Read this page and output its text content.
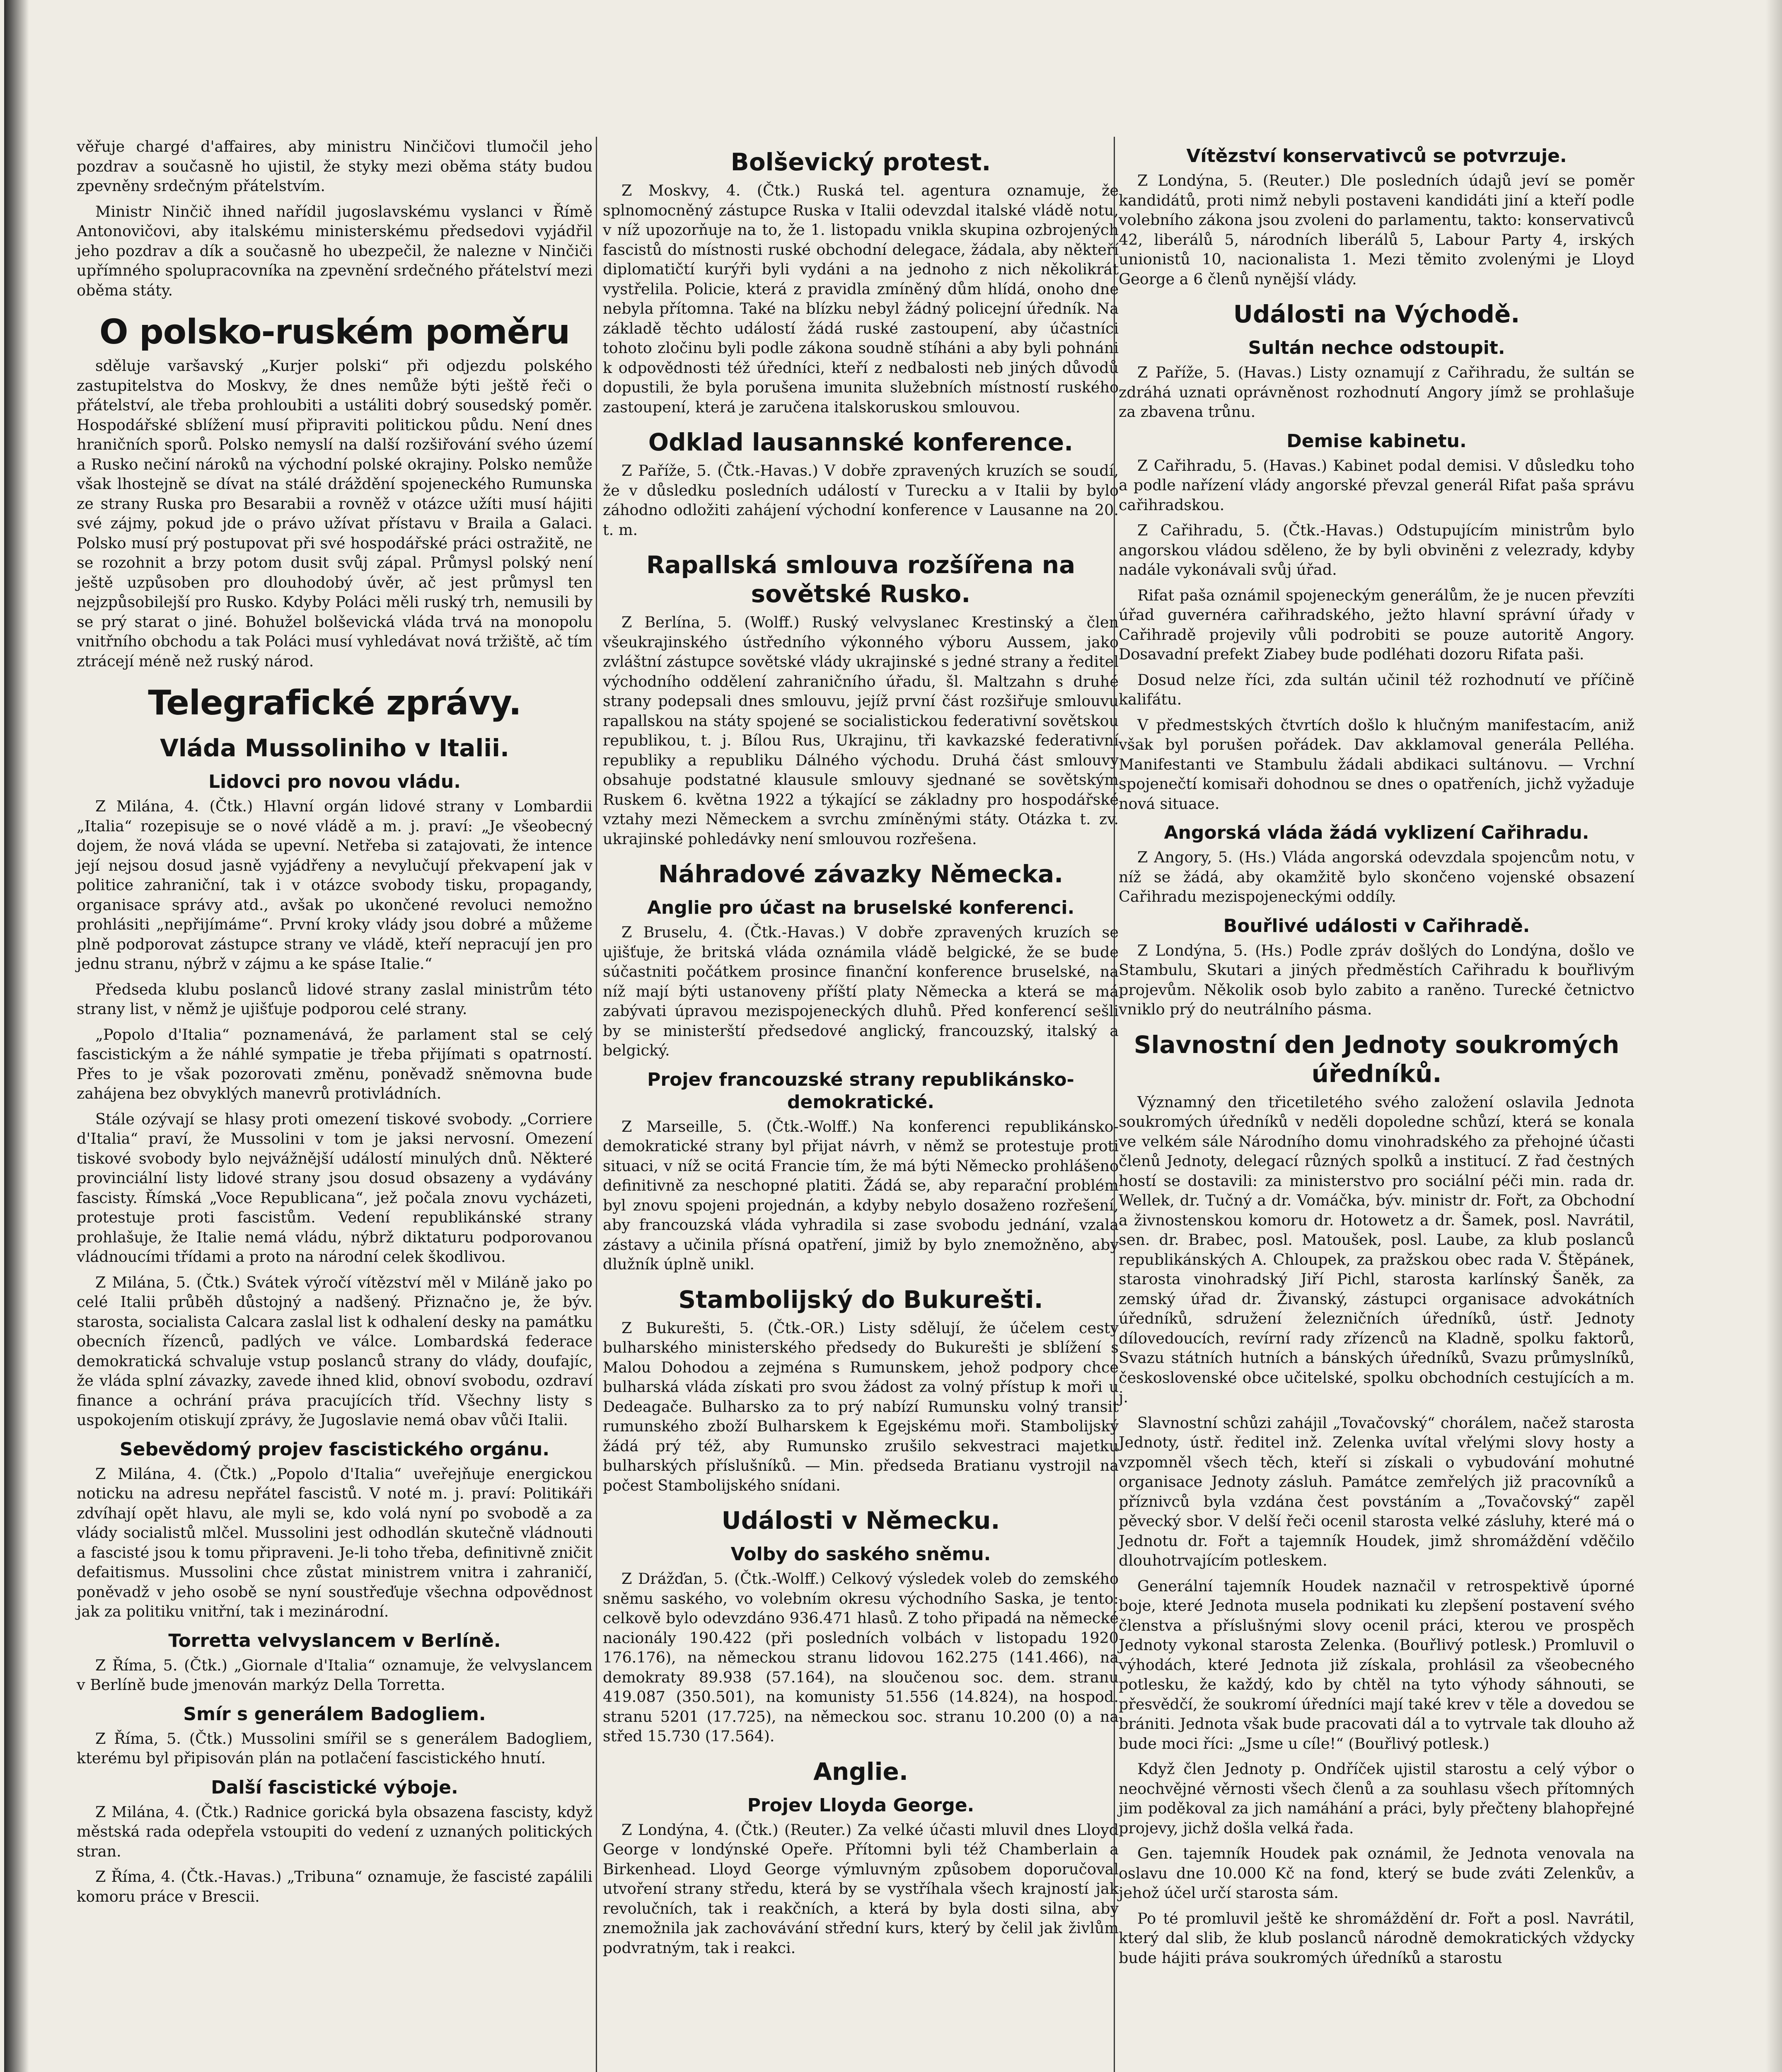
věřuje chargé d'affaires, aby ministru Ninčičovi tlumočil jeho pozdrav a současně ho ujistil, že styky mezi oběma státy budou zpevněny srdečným přátelstvím.

Ministr Ninčič ihned nařídil jugoslavskému vyslanci v Římě Antonovičovi, aby italskému ministerskému předsedovi vyjádřil jeho pozdrav a dík a současně ho ubezpečil, že nalezne v Ninčiči upřímného spolupracovníka na zpevnění srdečného přátelství mezi oběma státy.

O polsko-ruském poměru

sděluje varšavský „Kurjer polski“ při odjezdu polského zastupitelstva do Moskvy, že dnes nemůže býti ještě řeči o přátelství, ale třeba prohloubiti a ustáliti dobrý sousedský poměr. Hospodářské sblížení musí připraviti politickou půdu. Není dnes hraničních sporů. Polsko nemyslí na další rozšiřování svého území a Rusko nečiní nároků na východní polské okrajiny. Polsko nemůže však lhostejně se dívat na stálé dráždění spojeneckého Rumunska ze strany Ruska pro Besarabii a rovněž v otázce užíti musí hájiti své zájmy, pokud jde o právo užívat přístavu v Braila a Galaci. Polsko musí prý postupovat při své hospodářské práci ostražitě, ne se rozohnit a brzy potom dusit svůj zápal. Průmysl polský není ještě uzpůsoben pro dlouhodobý úvěr, ač jest průmysl ten nejzpůsobilejší pro Rusko. Kdyby Poláci měli ruský trh, nemusili by se prý starat o jiné. Bohužel bolševická vláda trvá na monopolu vnitřního obchodu a tak Poláci musí vyhledávat nová tržiště, ač tím ztrácejí méně než ruský národ.

Telegrafické zprávy.
Vláda Mussoliniho v Italii.
Lidovci pro novou vládu.

Z Milána, 4. (Čtk.) Hlavní orgán lidové strany v Lombardii „Italia“ rozepisuje se o nové vládě a m. j. praví: „Je všeobecný dojem, že nová vláda se upevní. Netřeba si zatajovati, že intence její nejsou dosud jasně vyjádřeny a nevylučují překvapení jak v politice zahraniční, tak i v otázce svobody tisku, propagandy, organisace správy atd., avšak po ukončené revoluci nemožno prohlásiti „nepřijímáme“. První kroky vlády jsou dobré a můžeme plně podporovat zástupce strany ve vládě, kteří nepracují jen pro jednu stranu, nýbrž v zájmu a ke spáse Italie.“

Předseda klubu poslanců lidové strany zaslal ministrům této strany list, v němž je ujišťuje podporou celé strany.

„Popolo d'Italia“ poznamenává, že parlament stal se celý fascistickým a že náhlé sympatie je třeba přijímati s opatrností. Přes to je však pozorovati změnu, poněvadž sněmovna bude zahájena bez obvyklých manevrů protivládních.

Stále ozývají se hlasy proti omezení tiskové svobody. „Corriere d'Italia“ praví, že Mussolini v tom je jaksi nervosní. Omezení tiskové svobody bylo nejvážnější událostí minulých dnů. Některé provinciální listy lidové strany jsou dosud obsazeny a vydávány fascisty. Římská „Voce Republicana“, jež počala znovu vycházeti, protestuje proti fascistům. Vedení republikánské strany prohlašuje, že Italie nemá vládu, nýbrž diktaturu podporovanou vládnoucími třídami a proto na národní celek škodlivou.

Z Milána, 5. (Čtk.) Svátek výročí vítězství měl v Miláně jako po celé Italii průběh důstojný a nadšený. Přiznačno je, že býv. starosta, socialista Calcara zaslal list k odhalení desky na památku obecních řízenců, padlých ve válce. Lombardská federace demokratická schvaluje vstup poslanců strany do vlády, doufajíc, že vláda splní závazky, zavede ihned klid, obnoví svobodu, ozdraví finance a ochrání práva pracujících tříd. Všechny listy s uspokojením otiskují zprávy, že Jugoslavie nemá obav vůči Italii.

Sebevědomý projev fascistického orgánu.

Z Milána, 4. (Čtk.) „Popolo d'Italia“ uveřejňuje energickou noticku na adresu nepřátel fascistů. V noté m. j. praví: Politikáři zdvíhají opět hlavu, ale myli se, kdo volá nyní po svobodě a za vlády socialistů mlčel. Mussolini jest odhodlán skutečně vládnouti a fascisté jsou k tomu připraveni. Je-li toho třeba, definitivně zničit defaitismus. Mussolini chce zůstat ministrem vnitra i zahraničí, poněvadž v jeho osobě se nyní soustřeďuje všechna odpovědnost jak za politiku vnitřní, tak i mezinárodní.

Torretta velvyslancem v Berlíně.

Z Říma, 5. (Čtk.) „Giornale d'Italia“ oznamuje, že velvyslancem v Berlíně bude jmenován markýz Della Torretta.

Smír s generálem Badogliem.

Z Říma, 5. (Čtk.) Mussolini smířil se s generálem Badogliem, kterému byl připisován plán na potlačení fascistického hnutí.

Další fascistické výboje.

Z Milána, 4. (Čtk.) Radnice gorická byla obsazena fascisty, když městská rada odepřela vstoupiti do vedení z uznaných politických stran.

Z Říma, 4. (Čtk.-Havas.) „Tribuna“ oznamuje, že fascisté zapálili komoru práce v Brescii.

Bolševický protest.

Z Moskvy, 4. (Čtk.) Ruská tel. agentura oznamuje, že splnomocněný zástupce Ruska v Italii odevzdal italské vládě notu, v níž upozorňuje na to, že 1. listopadu vnikla skupina ozbrojených fascistů do místnosti ruské obchodní delegace, žádala, aby někteří diplomatičtí kurýři byli vydáni a na jednoho z nich několikrát vystřelila. Policie, která z pravidla zmíněný dům hlídá, onoho dne nebyla přítomna. Také na blízku nebyl žádný policejní úředník. Na základě těchto událostí žádá ruské zastoupení, aby účastníci tohoto zločinu byli podle zákona soudně stíháni a aby byli pohnáni k odpovědnosti též úředníci, kteří z nedbalosti neb jiných důvodů dopustili, že byla porušena imunita služebních místností ruského zastoupení, která je zaručena italskoruskou smlouvou.

Odklad lausannské konference.

Z Paříže, 5. (Čtk.-Havas.) V dobře zpravených kruzích se soudí, že v důsledku posledních událostí v Turecku a v Italii by bylo záhodno odložiti zahájení východní konference v Lausanne na 20. t. m.

Rapallská smlouva rozšířena na sovětské Rusko.

Z Berlína, 5. (Wolff.) Ruský velvyslanec Krestinský a člen všeukrajinského ústředního výkonného výboru Aussem, jako zvláštní zástupce sovětské vlády ukrajinské s jedné strany a ředitel východního oddělení zahraničního úřadu, šl. Maltzahn s druhé strany podepsali dnes smlouvu, jejíž první část rozšiřuje smlouvu rapallskou na státy spojené se socialistickou federativní sovětskou republikou, t. j. Bílou Rus, Ukrajinu, tři kavkazské federativní republiky a republiku Dálného východu. Druhá část smlouvy obsahuje podstatné klausule smlouvy sjednané se sovětským Ruskem 6. května 1922 a týkající se základny pro hospodářské vztahy mezi Německem a svrchu zmíněnými státy. Otázka t. zv. ukrajinské pohledávky není smlouvou rozřešena.

Náhradové závazky Německa.
Anglie pro účast na bruselské konferenci.

Z Bruselu, 4. (Čtk.-Havas.) V dobře zpravených kruzích se ujišťuje, že britská vláda oznámila vládě belgické, že se bude súčastniti počátkem prosince finanční konference bruselské, na níž mají býti ustanoveny příští platy Německa a která se má zabývati úpravou mezispojeneckých dluhů. Před konferencí sešli by se ministerští předsedové anglický, francouzský, italský a belgický.

Projev francouzské strany republikánsko-demokratické.

Z Marseille, 5. (Čtk.-Wolff.) Na konferenci republikánsko-demokratické strany byl přijat návrh, v němž se protestuje proti situaci, v níž se ocitá Francie tím, že má býti Německo prohlášeno definitivně za neschopné platiti. Žádá se, aby reparační problém byl znovu spojeni projednán, a kdyby nebylo dosaženo rozřešení, aby francouzská vláda vyhradila si zase svobodu jednání, vzala zástavy a učinila přísná opatření, jimiž by bylo znemožněno, aby dlužník úplně unikl.

Stambolijský do Bukurešti.

Z Bukurešti, 5. (Čtk.-OR.) Listy sdělují, že účelem cesty bulharského ministerského předsedy do Bukurešti je sblížení s Malou Dohodou a zejména s Rumunskem, jehož podpory chce bulharská vláda získati pro svou žádost za volný přístup k moři u Dedeagače. Bulharsko za to prý nabízí Rumunsku volný transit rumunského zboží Bulharskem k Egejskému moři. Stambolijský žádá prý též, aby Rumunsko zrušilo sekvestraci majetku bulharských příslušníků. — Min. předseda Bratianu vystrojil na počest Stambolijského snídani.

Události v Německu.
Volby do saského sněmu.

Z Drážďan, 5. (Čtk.-Wolff.) Celkový výsledek voleb do zemského sněmu saského, vo volebním okresu východního Saska, je tento: celkově bylo odevzdáno 936.471 hlasů. Z toho připadá na německé nacionály 190.422 (při posledních volbách v listopadu 1920 176.176), na německou stranu lidovou 162.275 (141.466), na demokraty 89.938 (57.164), na sloučenou soc. dem. stranu 419.087 (350.501), na komunisty 51.556 (14.824), na hospod. stranu 5201 (17.725), na německou soc. stranu 10.200 (0) a na střed 15.730 (17.564).

Anglie.
Projev Lloyda George.

Z Londýna, 4. (Čtk.) (Reuter.) Za velké účasti mluvil dnes Lloyd George v londýnské Opeře. Přítomni byli též Chamberlain a Birkenhead. Lloyd George výmluvným způsobem doporučoval utvoření strany středu, která by se vystříhala všech krajností jak revolučních, tak i reakčních, a která by byla dosti silna, aby znemožnila jak zachovávání střední kurs, který by čelil jak živlům podvratným, tak i reakci.

Vítězství konservativců se potvrzuje.

Z Londýna, 5. (Reuter.) Dle posledních údajů jeví se poměr kandidátů, proti nimž nebyli postaveni kandidáti jiní a kteří podle volebního zákona jsou zvoleni do parlamentu, takto: konservativců 42, liberálů 5, národních liberálů 5, Labour Party 4, irských unionistů 10, nacionalista 1. Mezi těmito zvolenými je Lloyd George a 6 členů nynější vlády.

Události na Východě.
Sultán nechce odstoupit.

Z Paříže, 5. (Havas.) Listy oznamují z Cařihradu, že sultán se zdráhá uznati oprávněnost rozhodnutí Angory jímž se prohlašuje za zbavena trůnu.

Demise kabinetu.

Z Cařihradu, 5. (Havas.) Kabinet podal demisi. V důsledku toho a podle nařízení vlády angorské převzal generál Rifat paša správu cařihradskou.

Z Cařihradu, 5. (Čtk.-Havas.) Odstupujícím ministrům bylo angorskou vládou sděleno, že by byli obviněni z velezrady, kdyby nadále vykonávali svůj úřad.

Rifat paša oznámil spojeneckým generálům, že je nucen převzíti úřad guvernéra cařihradského, ježto hlavní správní úřady v Cařihradě projevily vůli podrobiti se pouze autoritě Angory. Dosavadní prefekt Ziabey bude podléhati dozoru Rifata paši.

Dosud nelze říci, zda sultán učinil též rozhodnutí ve příčině kalifátu.

V předmestských čtvrtích došlo k hlučným manifestacím, aniž však byl porušen pořádek. Dav akklamoval generála Pelléha. Manifestanti ve Stambulu žádali abdikaci sultánovu. — Vrchní spojenečtí komisaři dohodnou se dnes o opatřeních, jichž vyžaduje nová situace.

Angorská vláda žádá vyklizení Cařihradu.

Z Angory, 5. (Hs.) Vláda angorská odevzdala spojencům notu, v níž se žádá, aby okamžitě bylo skončeno vojenské obsazení Cařihradu mezispojeneckými oddíly.

Bouřlivé události v Cařihradě.

Z Londýna, 5. (Hs.) Podle zpráv došlých do Londýna, došlo ve Stambulu, Skutari a jiných předměstích Cařihradu k bouřlivým projevům. Několik osob bylo zabito a raněno. Turecké četnictvo vniklo prý do neutrálního pásma.

Slavnostní den Jednoty soukromých úředníků.

Významný den třicetiletého svého založení oslavila Jednota soukromých úředníků v neděli dopoledne schůzí, která se konala ve velkém sále Národního domu vinohradského za přehojné účasti členů Jednoty, delegací různých spolků a institucí. Z řad čestných hostí se dostavili: za ministerstvo pro sociální péči min. rada dr. Wellek, dr. Tučný a dr. Vomáčka, býv. ministr dr. Fořt, za Obchodní a živnostenskou komoru dr. Hotowetz a dr. Šamek, posl. Navrátil, sen. dr. Brabec, posl. Matoušek, posl. Laube, za klub poslanců republikánských A. Chloupek, za pražskou obec rada V. Štěpánek, starosta vinohradský Jiří Pichl, starosta karlínský Šaněk, za zemský úřad dr. Živanský, zástupci organisace advokátních úředníků, sdružení železničních úředníků, ústř. Jednoty dílovedoucích, revírní rady zřízenců na Kladně, spolku faktorů, Svazu státních hutních a bánských úředníků, Svazu průmyslníků, československé obce učitelské, spolku obchodních cestujících a m. j.

Slavnostní schůzi zahájil „Tovačovský“ chorálem, načež starosta Jednoty, ústř. ředitel inž. Zelenka uvítal vřelými slovy hosty a vzpomněl všech těch, kteří si získali o vybudování mohutné organisace Jednoty zásluh. Památce zemřelých již pracovníků a příznivců byla vzdána čest povstáním a „Tovačovský“ zapěl pěvecký sbor. V delší řeči ocenil starosta velké zásluhy, které má o Jednotu dr. Fořt a tajemník Houdek, jimž shromáždění vděčilo dlouhotrvajícím potleskem.

Generální tajemník Houdek naznačil v retrospektivě úporné boje, které Jednota musela podnikati ku zlepšení postavení svého členstva a příslušnými slovy ocenil práci, kterou ve prospěch Jednoty vykonal starosta Zelenka. (Bouřlivý potlesk.) Promluvil o výhodách, které Jednota již získala, prohlásil za všeobecného potlesku, že každý, kdo by chtěl na tyto výhody sáhnouti, se přesvědčí, že soukromí úředníci mají také krev v těle a dovedou se brániti. Jednota však bude pracovati dál a to vytrvale tak dlouho až bude moci říci: „Jsme u cíle!“ (Bouřlivý potlesk.)

Když člen Jednoty p. Ondříček ujistil starostu a celý výbor o neochvějné věrnosti všech členů a za souhlasu všech přítomných jim poděkoval za jich namáhání a práci, byly přečteny blahopřejné projevy, jichž došla velká řada.

Gen. tajemník Houdek pak oznámil, že Jednota venovala na oslavu dne 10.000 Kč na fond, který se bude zváti Zelenkův, a jehož účel určí starosta sám.

Po té promluvil ještě ke shromáždění dr. Fořt a posl. Navrátil, který dal slib, že klub poslanců národně demokratických vždycky bude hájiti práva soukromých úředníků a starostu
